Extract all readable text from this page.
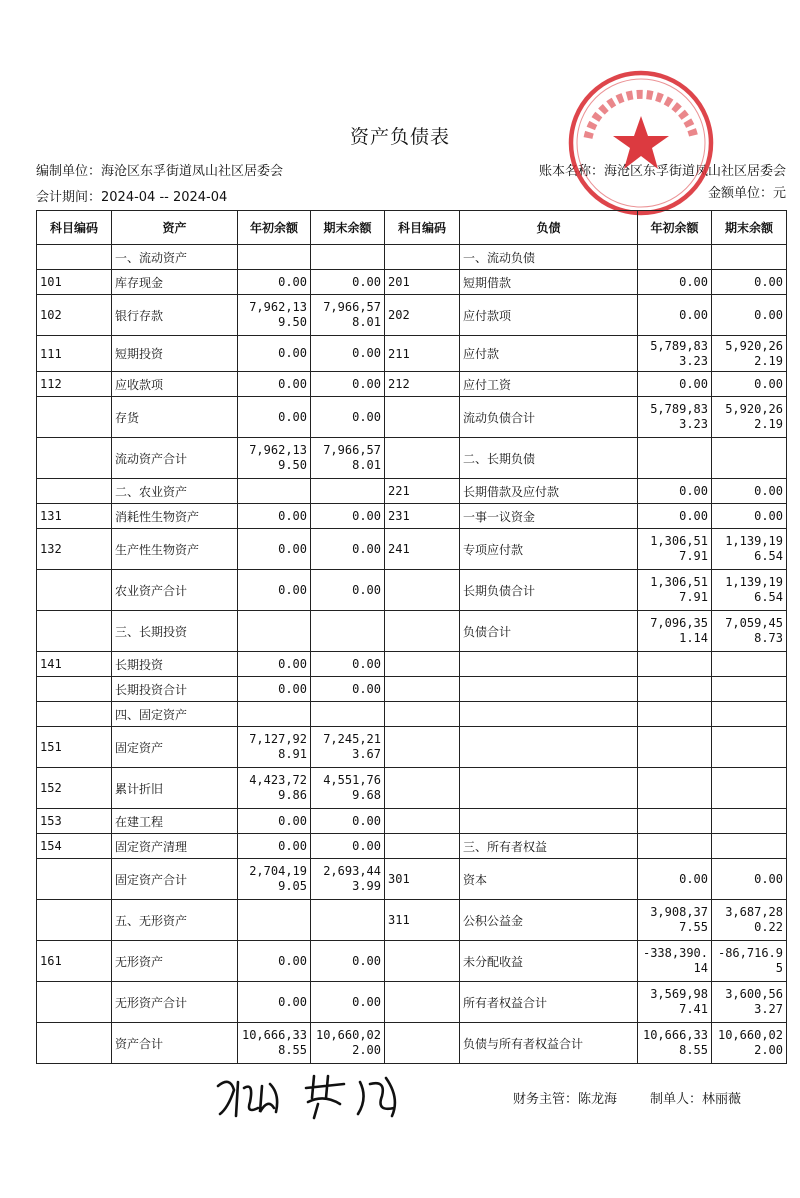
资产负债表
编制单位：海沧区东孚街道凤山社区居委会
会计期间：2024-04 -- 2024-04
账本名称：海沧区东孚街道凤山社区居委会
金额单位：元
科目编码	资产	年初余额	期末余额	科目编码	负债	年初余额	期末余额
	一、流动资产				一、流动负债		
101	库存现金	0.00	0.00	201	短期借款	0.00	0.00
102	银行存款	7,962,139.50	7,966,578.01	202	应付款项	0.00	0.00
111	短期投资	0.00	0.00	211	应付款	5,789,833.23	5,920,262.19
112	应收款项	0.00	0.00	212	应付工资	0.00	0.00
	存货	0.00	0.00		流动负债合计	5,789,833.23	5,920,262.19
	流动资产合计	7,962,139.50	7,966,578.01		二、长期负债		
	二、农业资产			221	长期借款及应付款	0.00	0.00
131	消耗性生物资产	0.00	0.00	231	一事一议资金	0.00	0.00
132	生产性生物资产	0.00	0.00	241	专项应付款	1,306,517.91	1,139,196.54
	农业资产合计	0.00	0.00		长期负债合计	1,306,517.91	1,139,196.54
	三、长期投资				负债合计	7,096,351.14	7,059,458.73
141	长期投资	0.00	0.00				
	长期投资合计	0.00	0.00				
	四、固定资产						
151	固定资产	7,127,928.91	7,245,213.67				
152	累计折旧	4,423,729.86	4,551,769.68				
153	在建工程	0.00	0.00				
154	固定资产清理	0.00	0.00		三、所有者权益		
	固定资产合计	2,704,199.05	2,693,443.99	301	资本	0.00	0.00
	五、无形资产			311	公积公益金	3,908,377.55	3,687,280.22
161	无形资产	0.00	0.00		未分配收益	-338,390.14	-86,716.95
	无形资产合计	0.00	0.00		所有者权益合计	3,569,987.41	3,600,563.27
	资产合计	10,666,338.55	10,660,022.00		负债与所有者权益合计	10,666,338.55	10,660,022.00
财务主管：陈龙海	制单人：林丽薇
